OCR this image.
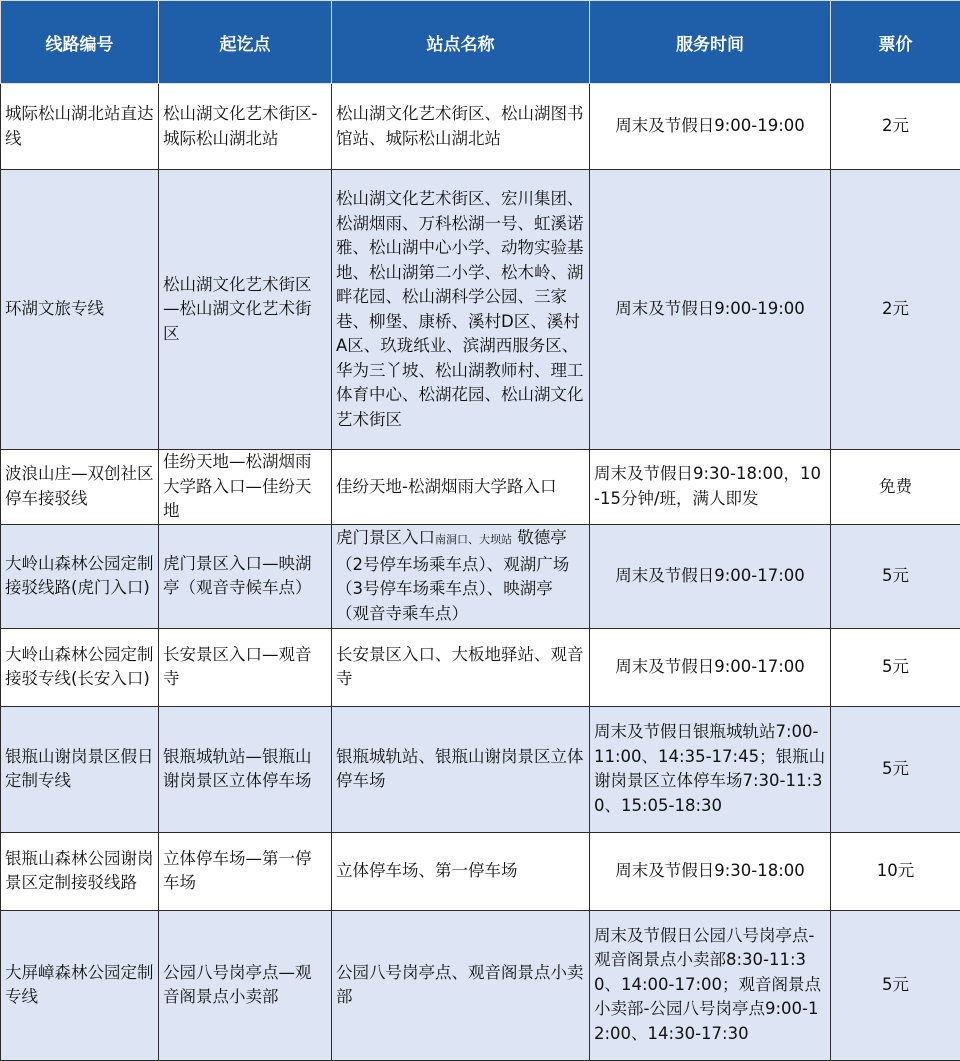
线路编号	起讫点	站点名称	服务时间	票价
城际松山湖北站直达线	松山湖文化艺术街区-城际松山湖北站	松山湖文化艺术街区、松山湖图书馆站、城际松山湖北站	周末及节假日9:00-19:00	2元
环湖文旅专线	松山湖文化艺术街区—松山湖文化艺术街区	松山湖文化艺术街区、宏川集团、松湖烟雨、万科松湖一号、虹溪诺雅、松山湖中心小学、动物实验基地、松山湖第二小学、松木岭、湖畔花园、松山湖科学公园、三家巷、柳堡、康桥、溪村D区、溪村A区、玖珑纸业、滨湖西服务区、华为三丫坡、松山湖教师村、理工体育中心、松湖花园、松山湖文化艺术街区	周末及节假日9:00-19:00	2元
波浪山庄—双创社区停车接驳线	佳纷天地—松湖烟雨大学路入口—佳纷天地	佳纷天地-松湖烟雨大学路入口	周末及节假日9:30-18:00，10-15分钟/班，满人即发	免费
大岭山森林公园定制接驳线路(虎门入口)	虎门景区入口—映湖亭（观音寺候车点）	虎门景区入口南洞口、大坝站 敬德亭（2号停车场乘车点）、观湖广场（3号停车场乘车点）、映湖亭（观音寺乘车点）	周末及节假日9:00-17:00	5元
大岭山森林公园定制接驳专线(长安入口)	长安景区入口—观音寺	长安景区入口、大板地驿站、观音寺	周末及节假日9:00-17:00	5元
银瓶山谢岗景区假日定制专线	银瓶城轨站—银瓶山谢岗景区立体停车场	银瓶城轨站、银瓶山谢岗景区立体停车场	周末及节假日银瓶城轨站7:00-11:00、14:35-17:45；银瓶山谢岗景区立体停车场7:30-11:30、15:05-18:30	5元
银瓶山森林公园谢岗景区定制接驳线路	立体停车场—第一停车场	立体停车场、第一停车场	周末及节假日9:30-18:00	10元
大屏嶂森林公园定制专线	公园八号岗亭点—观音阁景点小卖部	公园八号岗亭点、观音阁景点小卖部	周末及节假日公园八号岗亭点-观音阁景点小卖部8:30-11:30、14:00-17:00；观音阁景点小卖部-公园八号岗亭点9:00-12:00、14:30-17:30	5元
